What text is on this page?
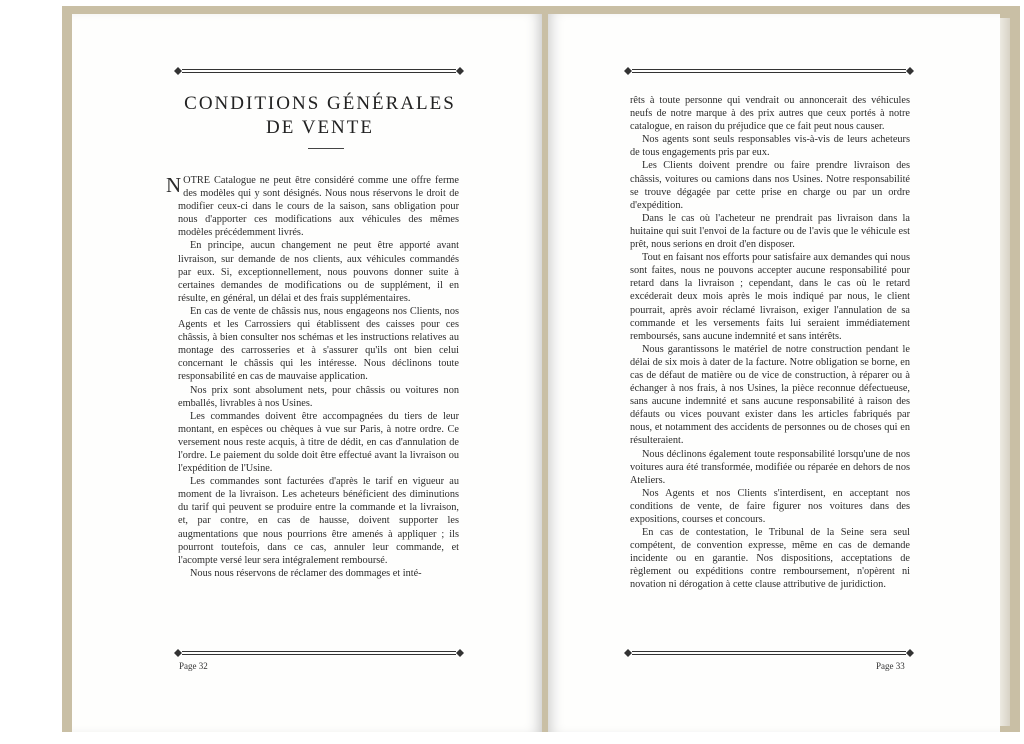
CONDITIONS GÉNÉRALES
DE VENTE

NOTRE Catalogue ne peut être considéré comme une offre ferme des modèles qui y sont désignés. Nous nous réservons le droit de modifier ceux-ci dans le cours de la saison, sans obligation pour nous d'apporter ces modifications aux véhicules des mêmes modèles précédemment livrés.

En principe, aucun changement ne peut être apporté avant livraison, sur demande de nos clients, aux véhicules commandés par eux. Si, exceptionnellement, nous pouvons donner suite à certaines demandes de modifications ou de supplément, il en résulte, en général, un délai et des frais supplémentaires.

En cas de vente de châssis nus, nous engageons nos Clients, nos Agents et les Carrossiers qui établissent des caisses pour ces châssis, à bien consulter nos schémas et les instructions relatives au montage des carrosseries et à s'assurer qu'ils ont bien celui concernant le châssis qui les intéresse. Nous déclinons toute responsabilité en cas de mauvaise application.

Nos prix sont absolument nets, pour châssis ou voitures non emballés, livrables à nos Usines.

Les commandes doivent être accompagnées du tiers de leur montant, en espèces ou chèques à vue sur Paris, à notre ordre. Ce versement nous reste acquis, à titre de dédit, en cas d'annulation de l'ordre. Le paiement du solde doit être effectué avant la livraison ou l'expédition de l'Usine.

Les commandes sont facturées d'après le tarif en vigueur au moment de la livraison. Les acheteurs bénéficient des diminutions du tarif qui peuvent se produire entre la commande et la livraison, et, par contre, en cas de hausse, doivent supporter les augmentations que nous pourrions être amenés à appliquer ; ils pourront toutefois, dans ce cas, annuler leur commande, et l'acompte versé leur sera intégralement remboursé.

Nous nous réservons de réclamer des dommages et inté-

Page 32

rêts à toute personne qui vendrait ou annoncerait des véhicules neufs de notre marque à des prix autres que ceux portés à notre catalogue, en raison du préjudice que ce fait peut nous causer.

Nos agents sont seuls responsables vis-à-vis de leurs acheteurs de tous engagements pris par eux.

Les Clients doivent prendre ou faire prendre livraison des châssis, voitures ou camions dans nos Usines. Notre responsabilité se trouve dégagée par cette prise en charge ou par un ordre d'expédition.

Dans le cas où l'acheteur ne prendrait pas livraison dans la huitaine qui suit l'envoi de la facture ou de l'avis que le véhicule est prêt, nous serions en droit d'en disposer.

Tout en faisant nos efforts pour satisfaire aux demandes qui nous sont faites, nous ne pouvons accepter aucune responsabilité pour retard dans la livraison ; cependant, dans le cas où le retard excéderait deux mois après le mois indiqué par nous, le client pourrait, après avoir réclamé livraison, exiger l'annulation de sa commande et les versements faits lui seraient immédiatement remboursés, sans aucune indemnité et sans intérêts.

Nous garantissons le matériel de notre construction pendant le délai de six mois à dater de la facture. Notre obligation se borne, en cas de défaut de matière ou de vice de construction, à réparer ou à échanger à nos frais, à nos Usines, la pièce reconnue défectueuse, sans aucune indemnité et sans aucune responsabilité à raison des défauts ou vices pouvant exister dans les articles fabriqués par nous, et notamment des accidents de personnes ou de choses qui en résulteraient.

Nous déclinons également toute responsabilité lorsqu'une de nos voitures aura été transformée, modifiée ou réparée en dehors de nos Ateliers.

Nos Agents et nos Clients s'interdisent, en acceptant nos conditions de vente, de faire figurer nos voitures dans des expositions, courses et concours.

En cas de contestation, le Tribunal de la Seine sera seul compétent, de convention expresse, même en cas de demande incidente ou en garantie. Nos dispositions, acceptations de règlement ou expéditions contre remboursement, n'opèrent ni novation ni dérogation à cette clause attributive de juridiction.

Page 33
